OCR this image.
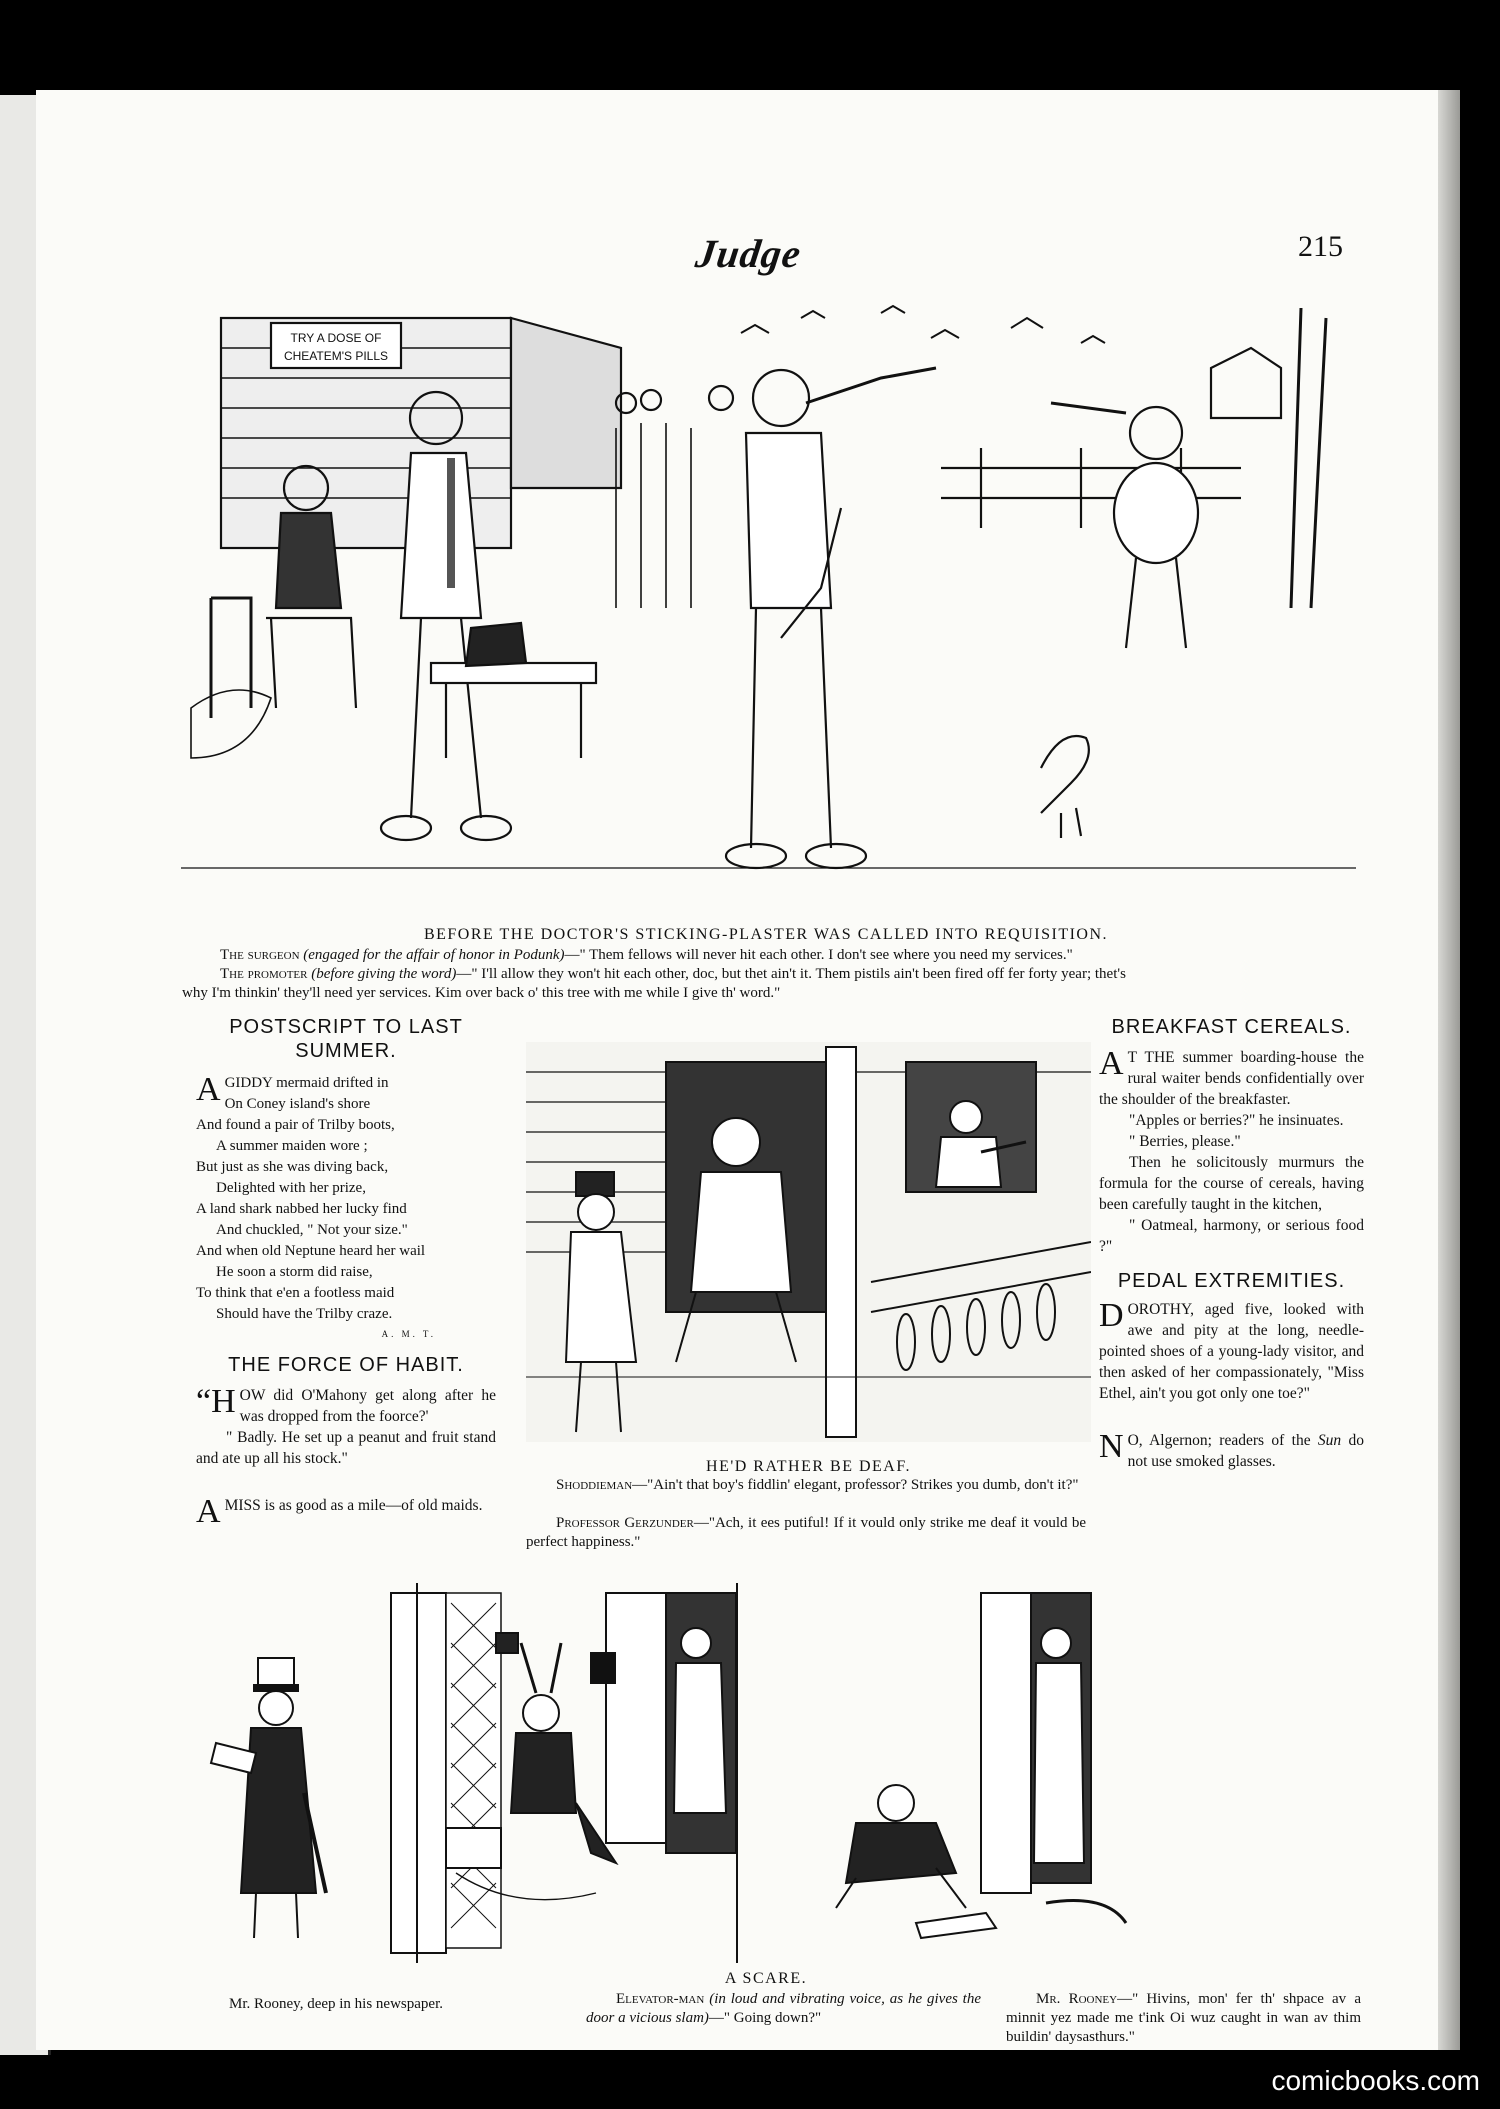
Judge	215
TRY A DOSE OF
CHEATEM'S PILLS
BEFORE THE DOCTOR'S STICKING-PLASTER WAS CALLED INTO REQUISITION.
The surgeon (engaged for the affair of honor in Podunk)—" Them fellows will never hit each other. I don't see where you need my services."
The promoter (before giving the word)—" I'll allow they won't hit each other, doc, but thet ain't it. Them pistils ain't been fired off fer forty year; thet's
why I'm thinkin' they'll need yer services. Kim over back o' this tree with me while I give th' word."
POSTSCRIPT TO LAST SUMMER.
A GIDDY mermaid drifted in
On Coney island's shore
And found a pair of Trilby boots,
A summer maiden wore ;
But just as she was diving back,
Delighted with her prize,
A land shark nabbed her lucky find
And chuckled, " Not your size."
And when old Neptune heard her wail
He soon a storm did raise,
To think that e'en a footless maid
Should have the Trilby craze.
A. M. T.
THE FORCE OF HABIT.
“HOW did O'Mahony get along after he was dropped from the foorce?'
" Badly. He set up a peanut and fruit stand and ate up all his stock."
AMISS is as good as a mile—of old maids.
HE'D RATHER BE DEAF.
Shoddieman—"Ain't that boy's fiddlin' elegant, professor? Strikes you dumb, don't it?"
Professor Gerzunder—"Ach, it ees putiful! If it vould only strike me deaf it vould be perfect happiness."
BREAKFAST CEREALS.
A T THE summer boarding-house the rural waiter bends confidentially over the shoulder of the breakfaster.
"Apples or berries?" he insinuates.
" Berries, please."
Then he solicitously murmurs the formula for the course of cereals, having been carefully taught in the kitchen,
" Oatmeal, harmony, or serious food ?"
PEDAL EXTREMITIES.
DOROTHY, aged five, looked with awe and pity at the long, needle-pointed shoes of a young-lady visitor, and then asked of her compassionately, "Miss Ethel, ain't you got only one toe?"
N O, Algernon; readers of the Sun do not use smoked glasses.
A SCARE.
Mr. Rooney, deep in his newspaper.	Elevator-man (in loud and vibrating voice, as he gives the door a vicious slam)—" Going down?"
Mr. Rooney—" Hivins, mon' fer th' shpace av a minnit yez made me t'ink Oi wuz caught in wan av thim buildin' daysasthurs."
comicbooks.com
